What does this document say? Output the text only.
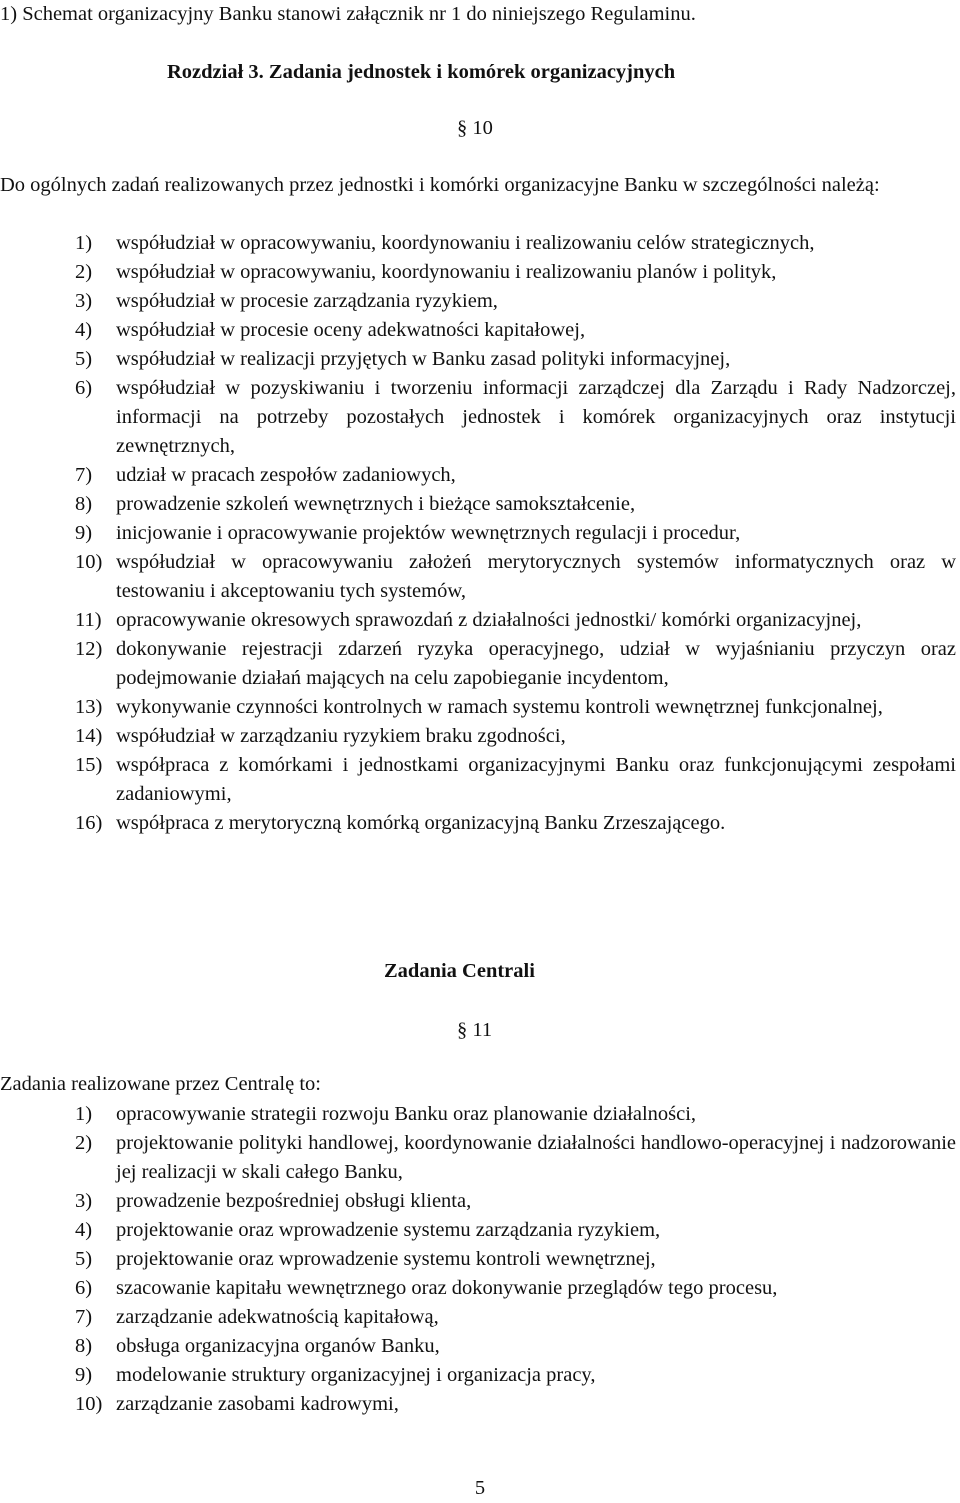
1) Schemat organizacyjny Banku stanowi załącznik nr 1 do niniejszego Regulaminu.
Rozdział 3. Zadania jednostek i komórek organizacyjnych
§ 10
Do ogólnych zadań realizowanych przez jednostki i komórki organizacyjne Banku w szczególności należą:
1) współudział w opracowywaniu, koordynowaniu i realizowaniu celów strategicznych,
2) współudział w opracowywaniu, koordynowaniu i realizowaniu planów i polityk,
3) współudział w procesie zarządzania ryzykiem,
4) współudział w procesie oceny adekwatności kapitałowej,
5) współudział w realizacji przyjętych w Banku zasad polityki informacyjnej,
6) współudział w pozyskiwaniu i tworzeniu informacji zarządczej dla Zarządu i Rady Nadzorczej, informacji na potrzeby pozostałych jednostek i komórek organizacyjnych oraz instytucji zewnętrznych,
7) udział w pracach zespołów zadaniowych,
8) prowadzenie szkoleń wewnętrznych i bieżące samokształcenie,
9) inicjowanie i opracowywanie projektów wewnętrznych regulacji i procedur,
10) współudział w opracowywaniu założeń merytorycznych systemów informatycznych oraz w testowaniu i akceptowaniu tych systemów,
11) opracowywanie okresowych sprawozdań z działalności jednostki/ komórki organizacyjnej,
12) dokonywanie rejestracji zdarzeń ryzyka operacyjnego, udział w wyjaśnianiu przyczyn oraz podejmowanie działań mających na celu zapobieganie incydentom,
13) wykonywanie czynności kontrolnych w ramach systemu kontroli wewnętrznej funkcjonalnej,
14) współudział w zarządzaniu ryzykiem braku zgodności,
15) współpraca z komórkami i jednostkami organizacyjnymi Banku oraz funkcjonującymi zespołami zadaniowymi,
16) współpraca z merytoryczną komórką organizacyjną Banku Zrzeszającego.
Zadania Centrali
§ 11
Zadania realizowane przez Centralę to:
1) opracowywanie strategii rozwoju Banku oraz planowanie działalności,
2) projektowanie polityki handlowej, koordynowanie działalności handlowo-operacyjnej i nadzorowanie jej realizacji w skali całego Banku,
3) prowadzenie bezpośredniej obsługi klienta,
4) projektowanie oraz wprowadzenie systemu zarządzania ryzykiem,
5) projektowanie oraz wprowadzenie systemu kontroli wewnętrznej,
6) szacowanie kapitału wewnętrznego oraz dokonywanie przeglądów tego procesu,
7) zarządzanie adekwatnością kapitałową,
8) obsługa organizacyjna organów Banku,
9) modelowanie struktury organizacyjnej i organizacja pracy,
10) zarządzanie zasobami kadrowymi,
5
